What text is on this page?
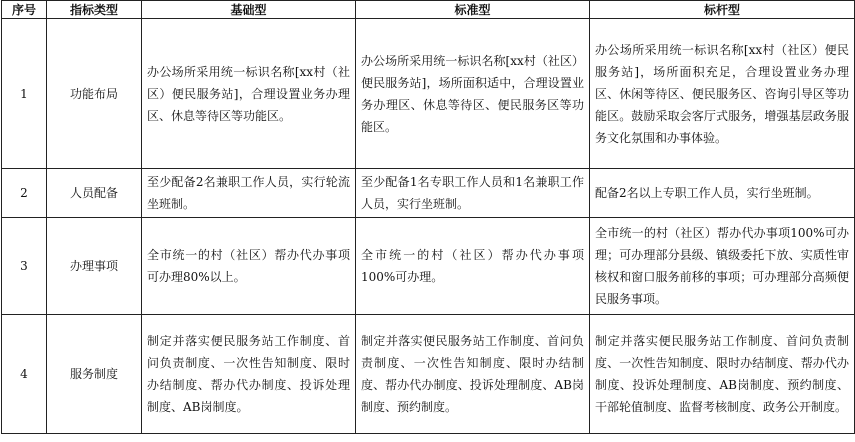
序号	指标类型	基础型	标准型	标杆型
1	功能布局	办公场所采用统一标识名称[xx村（社区）便民服务站]，合理设置业务办理区、休息等待区等功能区。	办公场所采用统一标识名称[xx村（社区）便民服务站]，场所面积适中，合理设置业务办理区、休息等待区、便民服务区等功能区。	办公场所采用统一标识名称[xx村（社区）便民服务站]，场所面积充足，合理设置业务办理区、休闲等待区、便民服务区、咨询引导区等功能区。鼓励采取会客厅式服务，增强基层政务服务文化氛围和办事体验。

2	人员配备	至少配备2名兼职工作人员，实行轮流坐班制。	至少配备1名专职工作人员和1名兼职工作人员，实行坐班制。	配备2名以上专职工作人员，实行坐班制。

3	办理事项	全市统一的村（社区）帮办代办事项可办理80%以上。	全市统一的村（社区）帮办代办事项100%可办理。	全市统一的村（社区）帮办代办事项100%可办理；可办理部分县级、镇级委托下放、实质性审核权和窗口服务前移的事项；可办理部分高频便民服务事项。

4	服务制度	制定并落实便民服务站工作制度、首问负责制度、一次性告知制度、限时办结制度、帮办代办制度、投诉处理制度、AB岗制度。	制定并落实便民服务站工作制度、首问负责制度、一次性告知制度、限时办结制度、帮办代办制度、投诉处理制度、AB岗制度、预约制度。	制定并落实便民服务站工作制度、首问负责制度、一次性告知制度、限时办结制度、帮办代办制度、投诉处理制度、AB岗制度、预约制度、干部轮值制度、监督考核制度、政务公开制度。
